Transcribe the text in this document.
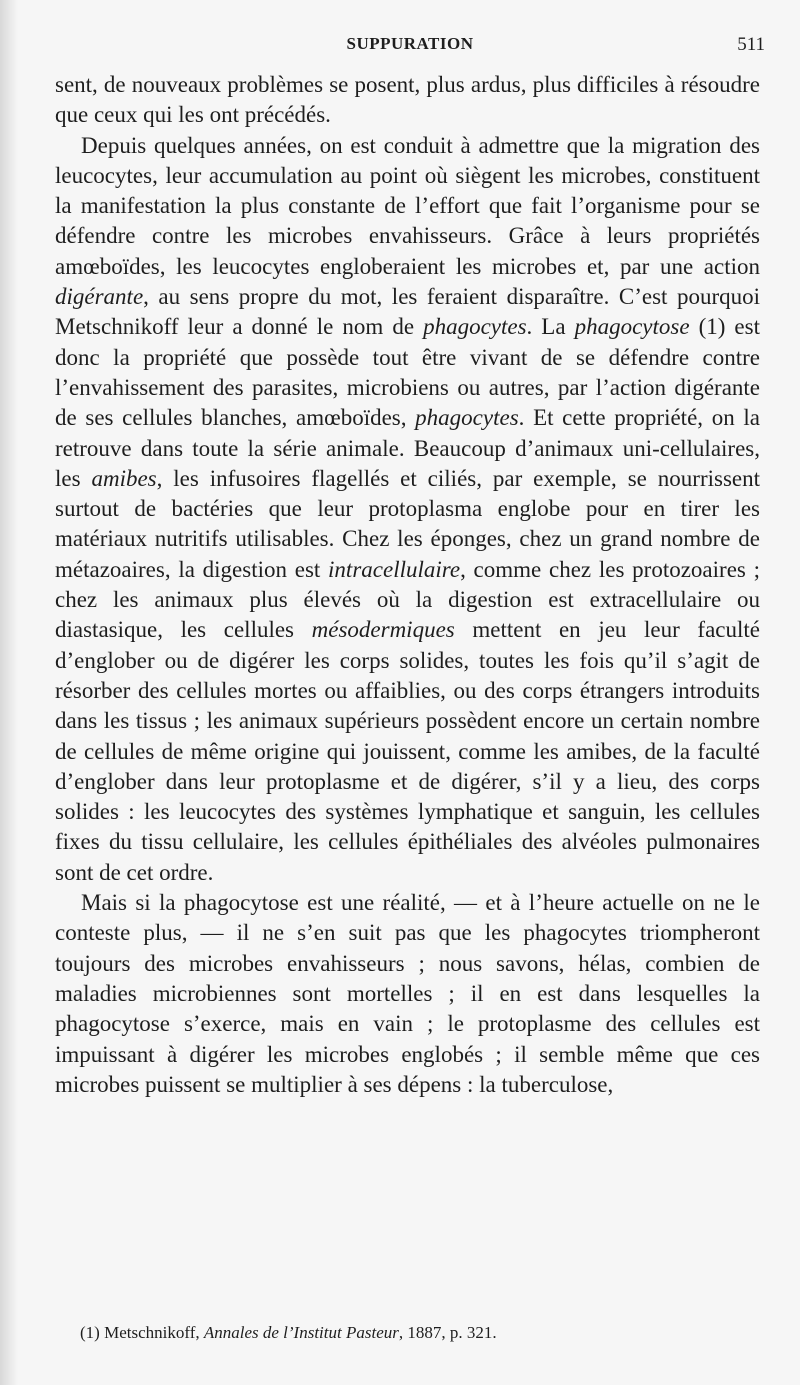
SUPPURATION	511

sent, de nouveaux problèmes se posent, plus ardus, plus difficiles à résoudre que ceux qui les ont précédés.

Depuis quelques années, on est conduit à admettre que la migration des leucocytes, leur accumulation au point où siègent les microbes, constituent la manifestation la plus constante de l’effort que fait l’organisme pour se défendre contre les microbes envahisseurs. Grâce à leurs propriétés amœboïdes, les leucocytes engloberaient les microbes et, par une action digérante, au sens propre du mot, les feraient disparaître. C’est pourquoi Metschnikoff leur a donné le nom de phagocytes. La phagocytose (1) est donc la propriété que possède tout être vivant de se défendre contre l’envahissement des parasites, microbiens ou autres, par l’action digérante de ses cellules blanches, amœboïdes, phagocytes. Et cette propriété, on la retrouve dans toute la série animale. Beaucoup d’animaux uni-cellulaires, les amibes, les infusoires flagellés et ciliés, par exemple, se nourrissent surtout de bactéries que leur protoplasma englobe pour en tirer les matériaux nutritifs utilisables. Chez les éponges, chez un grand nombre de métazoaires, la digestion est intracellulaire, comme chez les protozoaires ; chez les animaux plus élevés où la digestion est extracellulaire ou diastasique, les cellules mésodermiques mettent en jeu leur faculté d’englober ou de digérer les corps solides, toutes les fois qu’il s’agit de résorber des cellules mortes ou affaiblies, ou des corps étrangers introduits dans les tissus ; les animaux supérieurs possèdent encore un certain nombre de cellules de même origine qui jouissent, comme les amibes, de la faculté d’englober dans leur protoplasme et de digérer, s’il y a lieu, des corps solides : les leucocytes des systèmes lymphatique et sanguin, les cellules fixes du tissu cellulaire, les cellules épithéliales des alvéoles pulmonaires sont de cet ordre.

Mais si la phagocytose est une réalité, — et à l’heure actuelle on ne le conteste plus, — il ne s’en suit pas que les phagocytes triompheront toujours des microbes envahisseurs ; nous savons, hélas, combien de maladies microbiennes sont mortelles ; il en est dans lesquelles la phagocytose s’exerce, mais en vain ; le protoplasme des cellules est impuissant à digérer les microbes englobés ; il semble même que ces microbes puissent se multiplier à ses dépens : la tuberculose,

(1) Metschnikoff, Annales de l’Institut Pasteur, 1887, p. 321.
